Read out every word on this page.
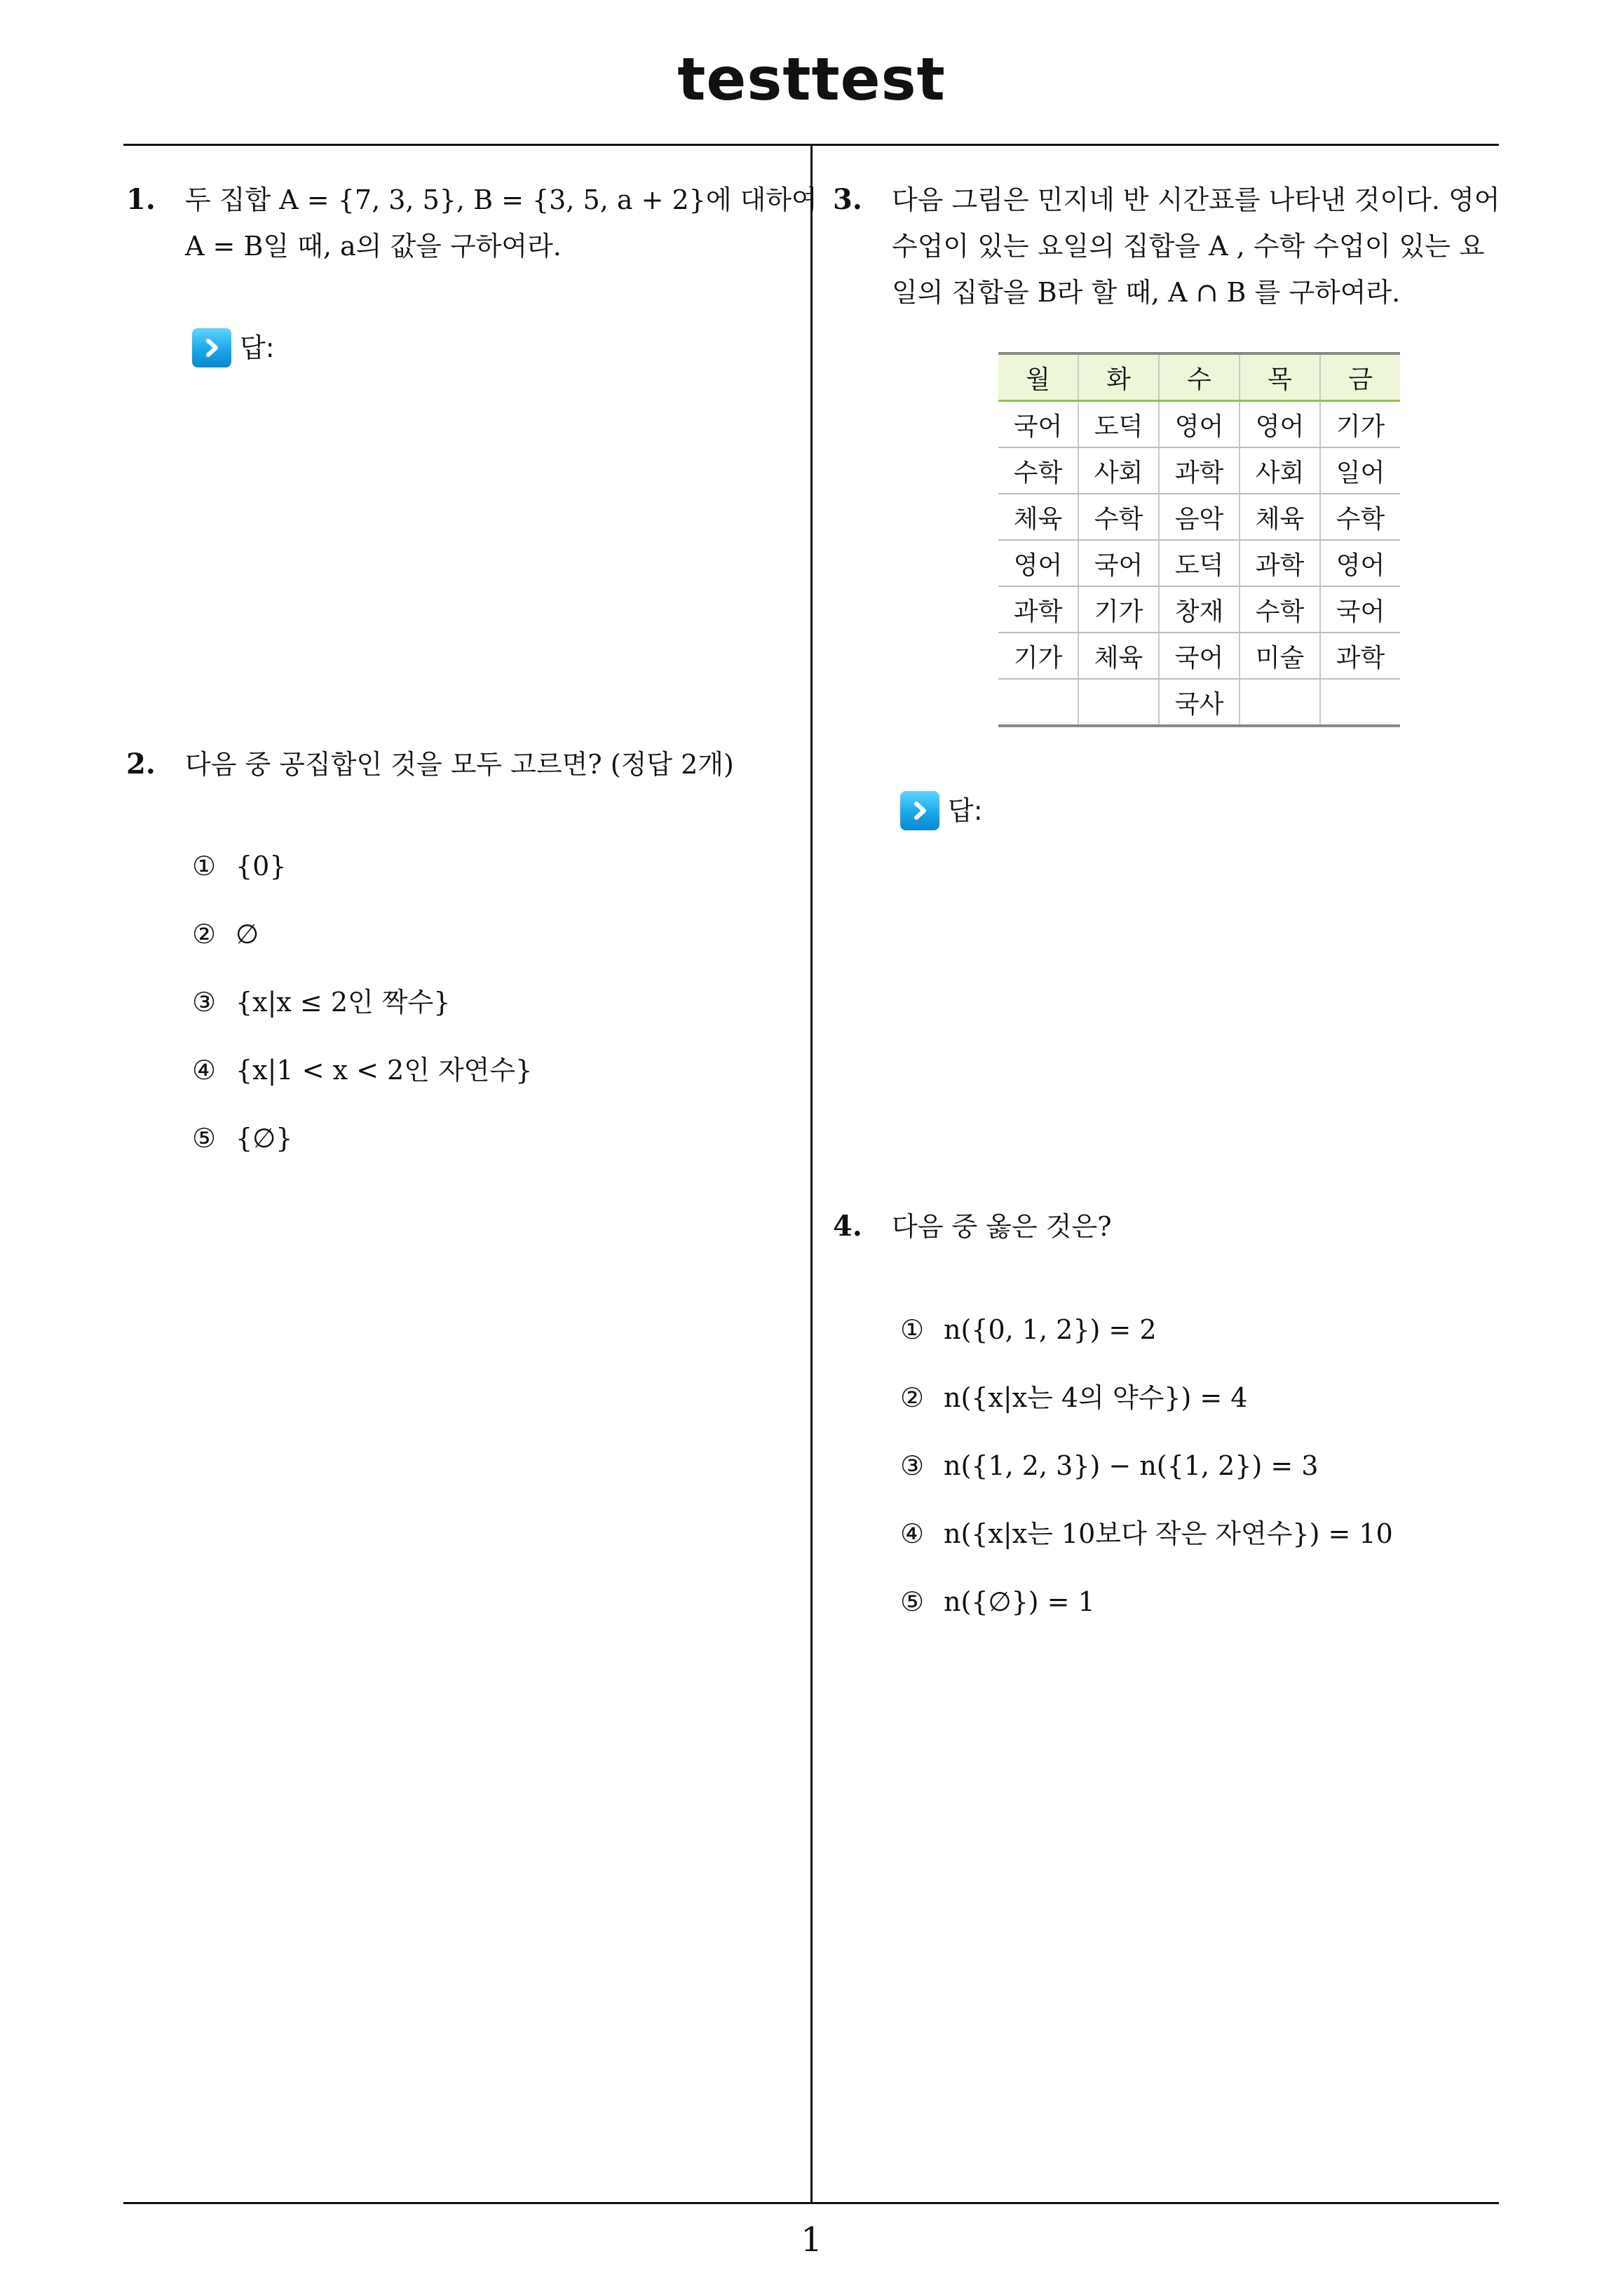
testtest
1. 두 집합 A = {7, 3, 5}, B = {3, 5, a + 2}에 대하여
A = B일 때, a의 값을 구하여라.
답:
2. 다음 중 공집합인 것을 모두 고르면? (정답 2개)
① {0}
② ∅
③ {x|x ≤ 2인 짝수}
④ {x|1 < x < 2인 자연수}
⑤ {∅}
3. 다음 그림은 민지네 반 시간표를 나타낸 것이다. 영어
수업이 있는 요일의 집합을 A , 수학 수업이 있는 요
일의 집합을 B라 할 때, A ∩ B 를 구하여라.
월	화	수	목	금
국어	도덕	영어	영어	기가
수학	사회	과학	사회	일어
체육	수학	음악	체육	수학
영어	국어	도덕	과학	영어
과학	기가	창재	수학	국어
기가	체육	국어	미술	과학
		국사		
답:
4. 다음 중 옳은 것은?
① n({0, 1, 2}) = 2
② n({x|x는 4의 약수}) = 4
③ n({1, 2, 3}) − n({1, 2}) = 3
④ n({x|x는 10보다 작은 자연수}) = 10
⑤ n({∅}) = 1
1
